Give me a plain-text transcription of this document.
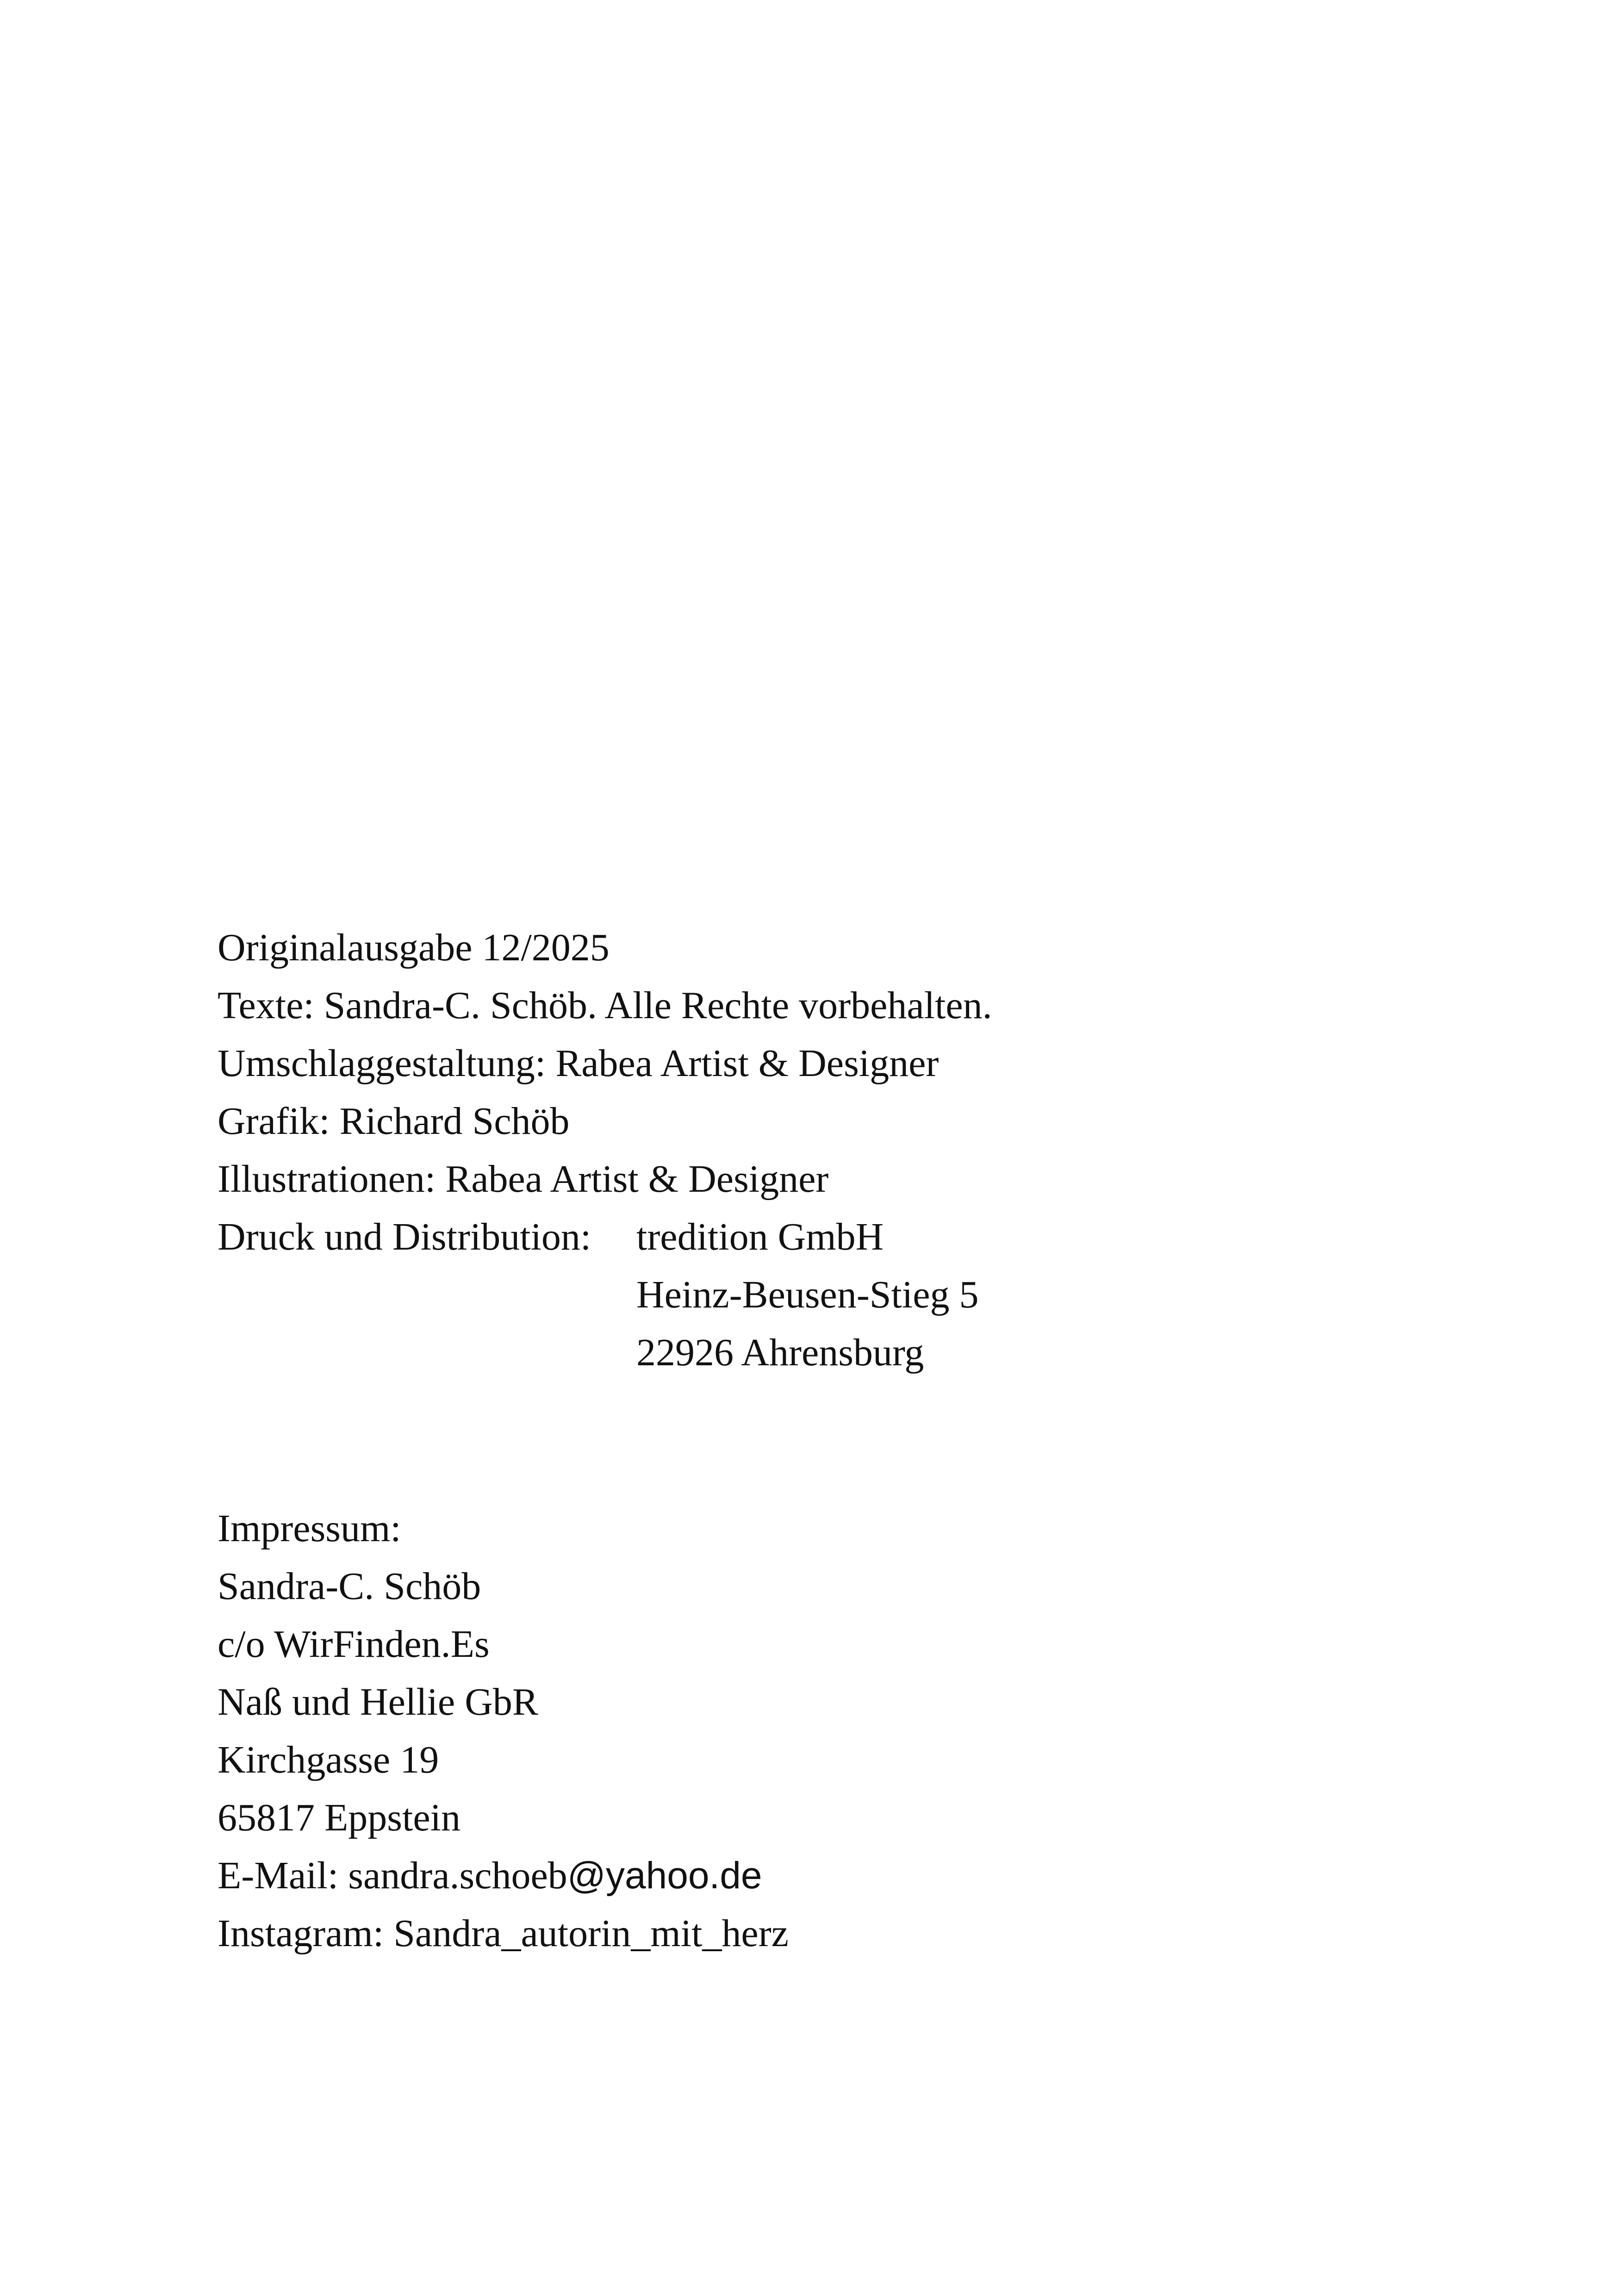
Originalausgabe 12/2025
Texte: Sandra-C. Schöb. Alle Rechte vorbehalten.
Umschlaggestaltung: Rabea Artist & Designer
Grafik: Richard Schöb
Illustrationen: Rabea Artist & Designer
Druck und Distribution:	tredition GmbH
Heinz-Beusen-Stieg 5
22926 Ahrensburg
Impressum:
Sandra-C. Schöb
c/o WirFinden.Es
Naß und Hellie GbR
Kirchgasse 19
65817 Eppstein
E-Mail: sandra.schoeb@yahoo.de
Instagram: Sandra_autorin_mit_herz
